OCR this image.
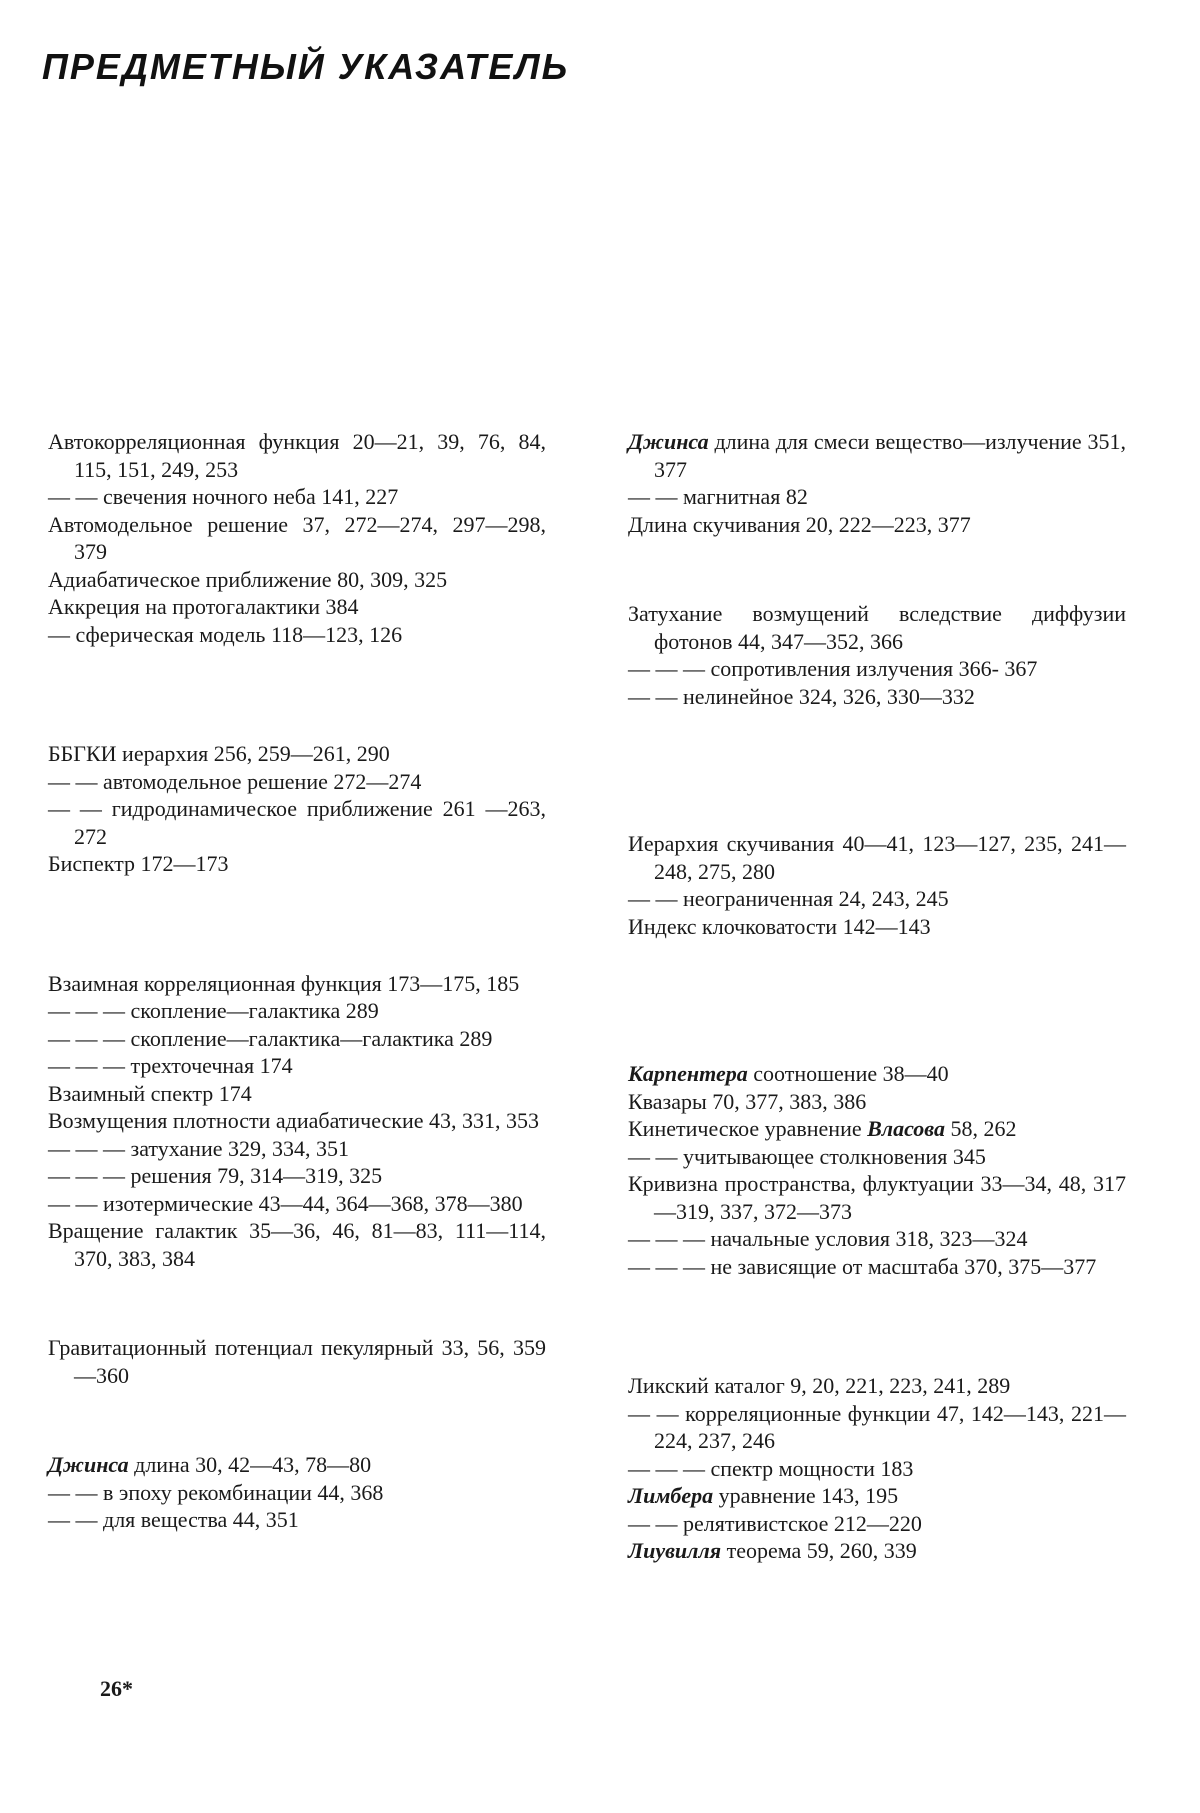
ПРЕДМЕТНЫЙ УКАЗАТЕЛЬ
Автокорреляционная функция 20—21, 39, 76, 84, 115, 151, 249, 253
— — свечения ночного неба 141, 227
Автомодельное решение 37, 272—274, 297—298, 379
Адиабатическое приближение 80, 309, 325
Аккреция на протогалактики 384
— сферическая модель 118—123, 126
ББГКИ иерархия 256, 259—261, 290
— — автомодельное решение 272—274
— — гидродинамическое приближение 261 —263, 272
Биспектр 172—173
Взаимная корреляционная функция 173—175, 185
— — — скопление—галактика 289
— — — скопление—галактика—галактика 289
— — — трехточечная 174
Взаимный спектр 174
Возмущения плотности адиабатические 43, 331, 353
— — — затухание 329, 334, 351
— — — решения 79, 314—319, 325
— — изотермические 43—44, 364—368, 378—380
Вращение галактик 35—36, 46, 81—83, 111—114, 370, 383, 384
Гравитационный потенциал пекулярный 33, 56, 359—360
Джинса длина 30, 42—43, 78—80
— — в эпоху рекомбинации 44, 368
— — для вещества 44, 351
Джинса длина для смеси вещество—излучение 351, 377
— — магнитная 82
Длина скучивания 20, 222—223, 377
Затухание возмущений вследствие диффузии фотонов 44, 347—352, 366
— — — сопротивления излучения 366- 367
— — нелинейное 324, 326, 330—332
Иерархия скучивания 40—41, 123—127, 235, 241—248, 275, 280
— — неограниченная 24, 243, 245
Индекс клочковатости 142—143
Карпентера соотношение 38—40
Квазары 70, 377, 383, 386
Кинетическое уравнение Власова 58, 262
— — учитывающее столкновения 345
Кривизна пространства, флуктуации 33—34, 48, 317—319, 337, 372—373
— — — начальные условия 318, 323—324
— — — не зависящие от масштаба 370, 375—377
Ликский каталог 9, 20, 221, 223, 241, 289
— — корреляционные функции 47, 142—143, 221—224, 237, 246
— — — спектр мощности 183
Лимбера уравнение 143, 195
— — релятивистское 212—220
Лиувилля теорема 59, 260, 339
26*
